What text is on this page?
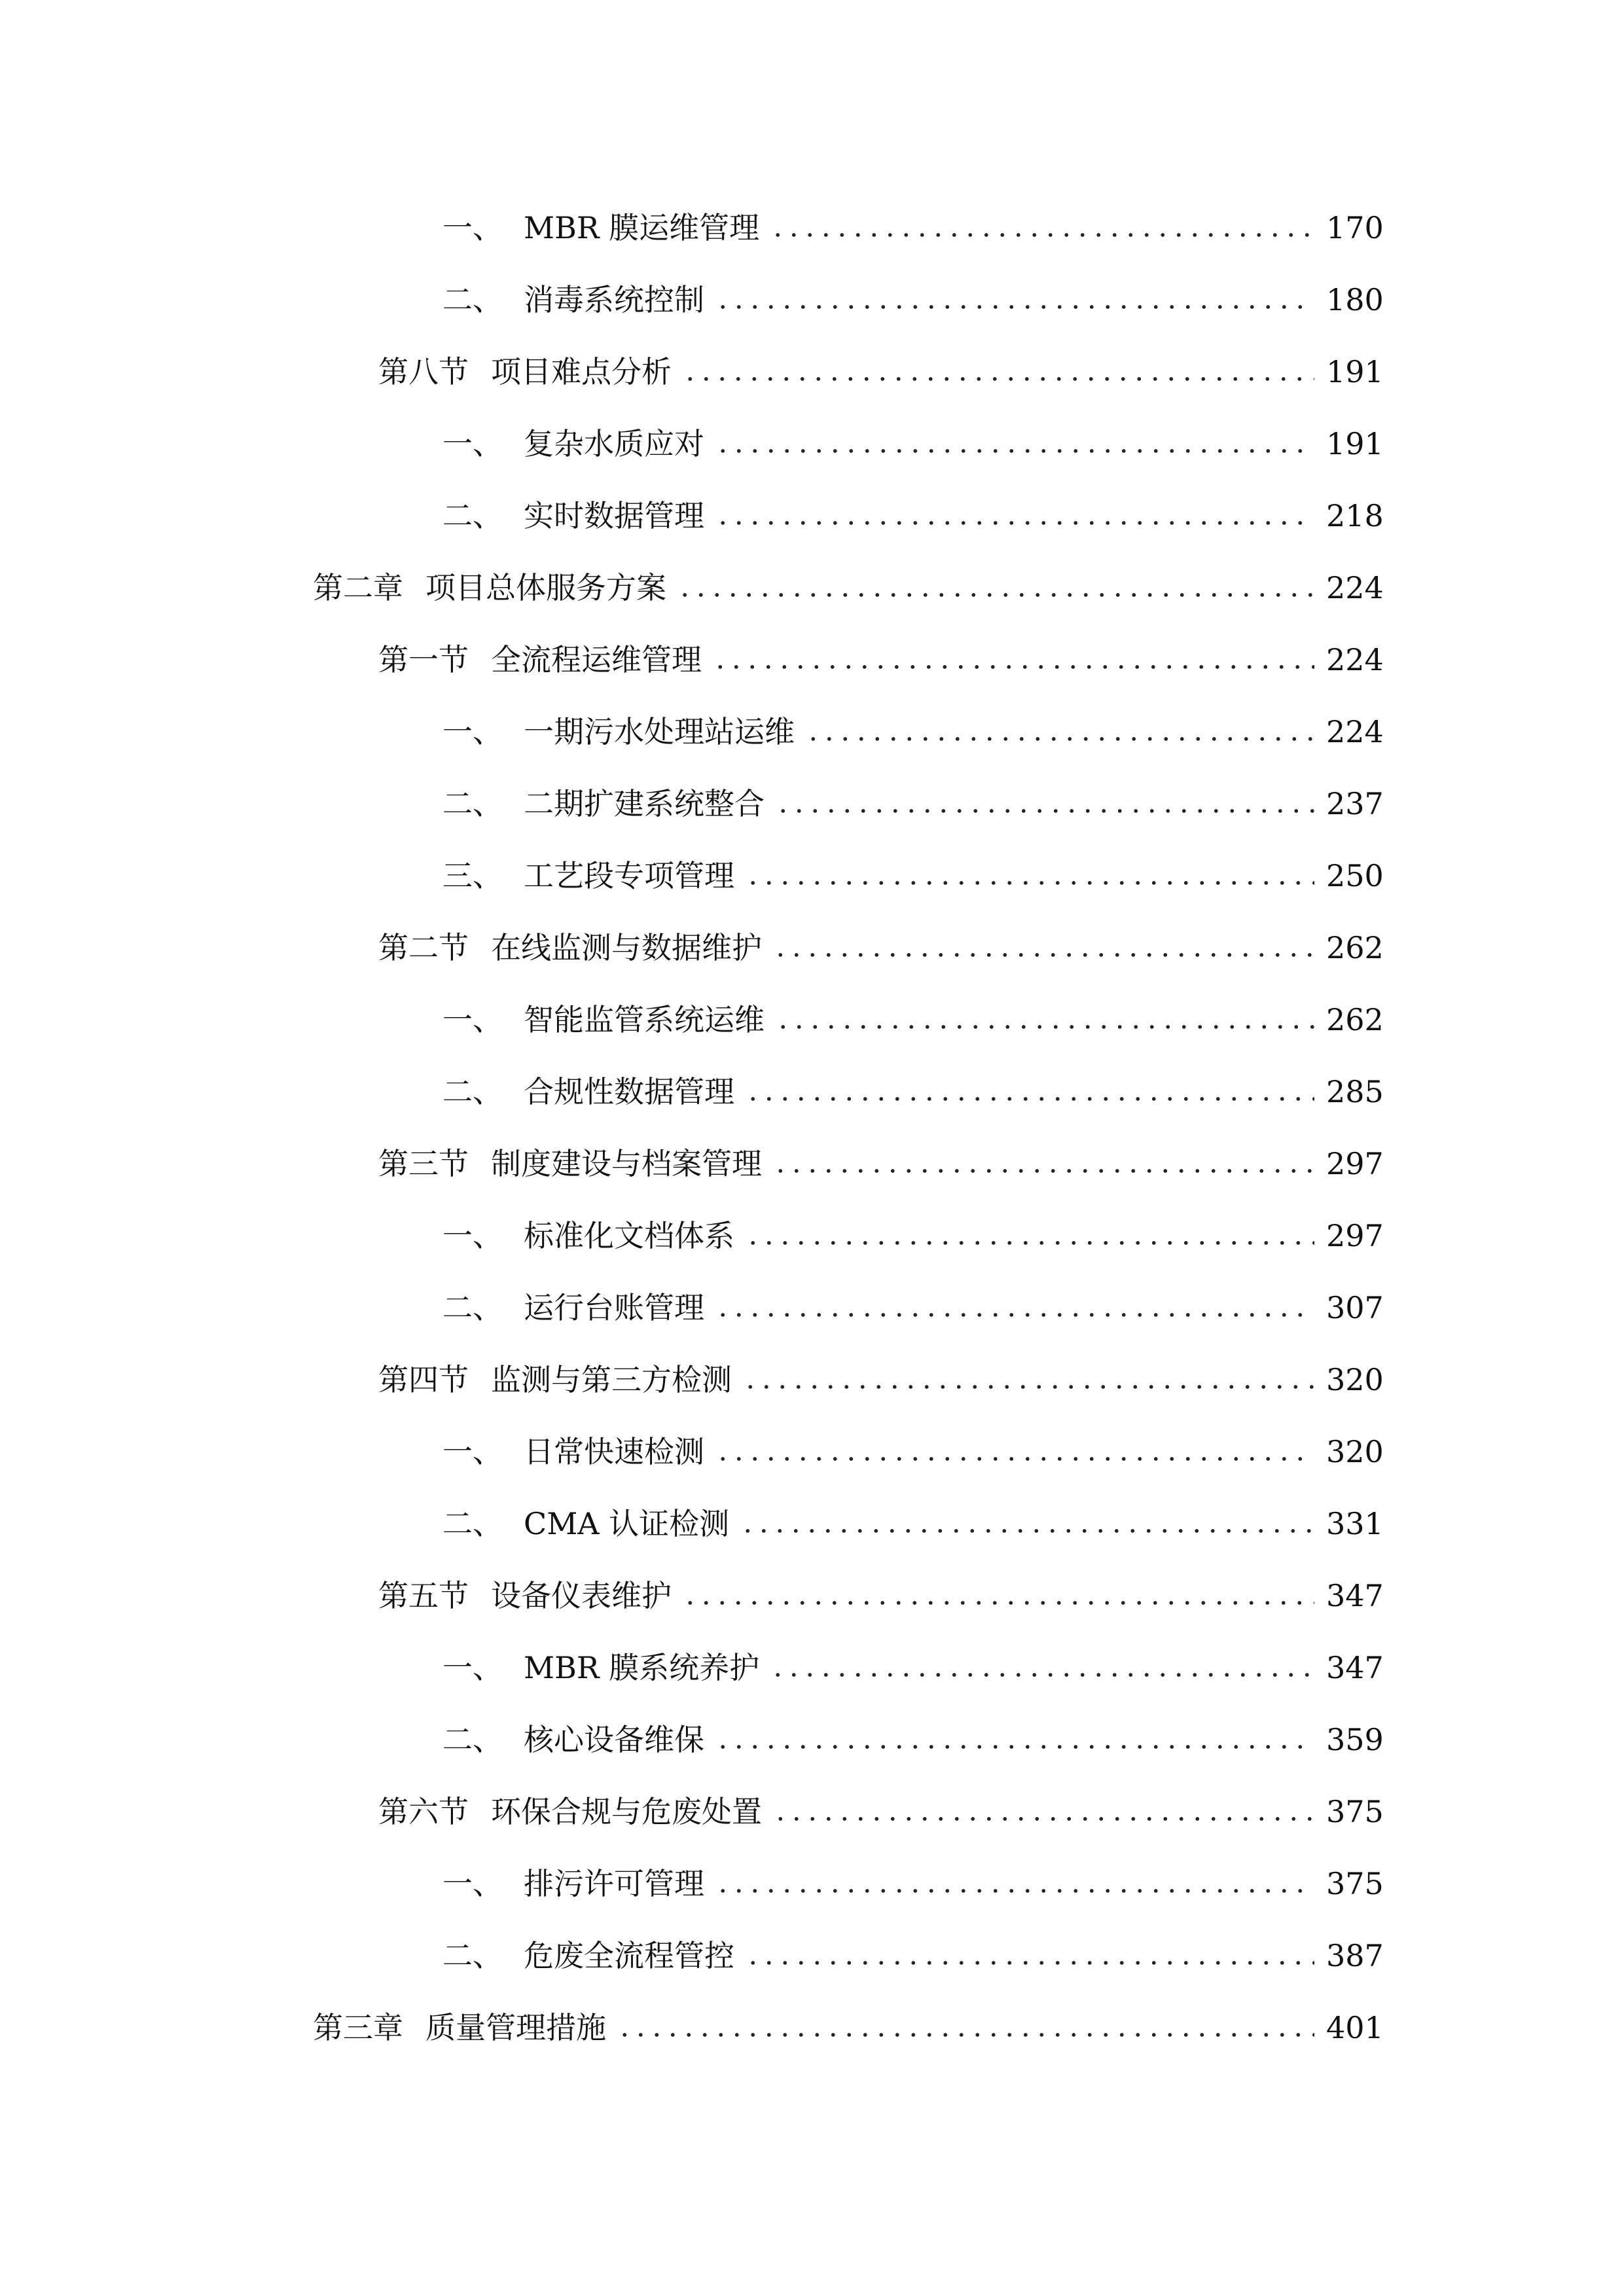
一、 MBR 膜运维管理	170
二、 消毒系统控制	180
第八节 项目难点分析	191
一、 复杂水质应对	191
二、 实时数据管理	218
第二章 项目总体服务方案	224
第一节 全流程运维管理	224
一、 一期污水处理站运维	224
二、 二期扩建系统整合	237
三、 工艺段专项管理	250
第二节 在线监测与数据维护	262
一、 智能监管系统运维	262
二、 合规性数据管理	285
第三节 制度建设与档案管理	297
一、 标准化文档体系	297
二、 运行台账管理	307
第四节 监测与第三方检测	320
一、 日常快速检测	320
二、 CMA 认证检测	331
第五节 设备仪表维护	347
一、 MBR 膜系统养护	347
二、 核心设备维保	359
第六节 环保合规与危废处置	375
一、 排污许可管理	375
二、 危废全流程管控	387
第三章 质量管理措施	401
